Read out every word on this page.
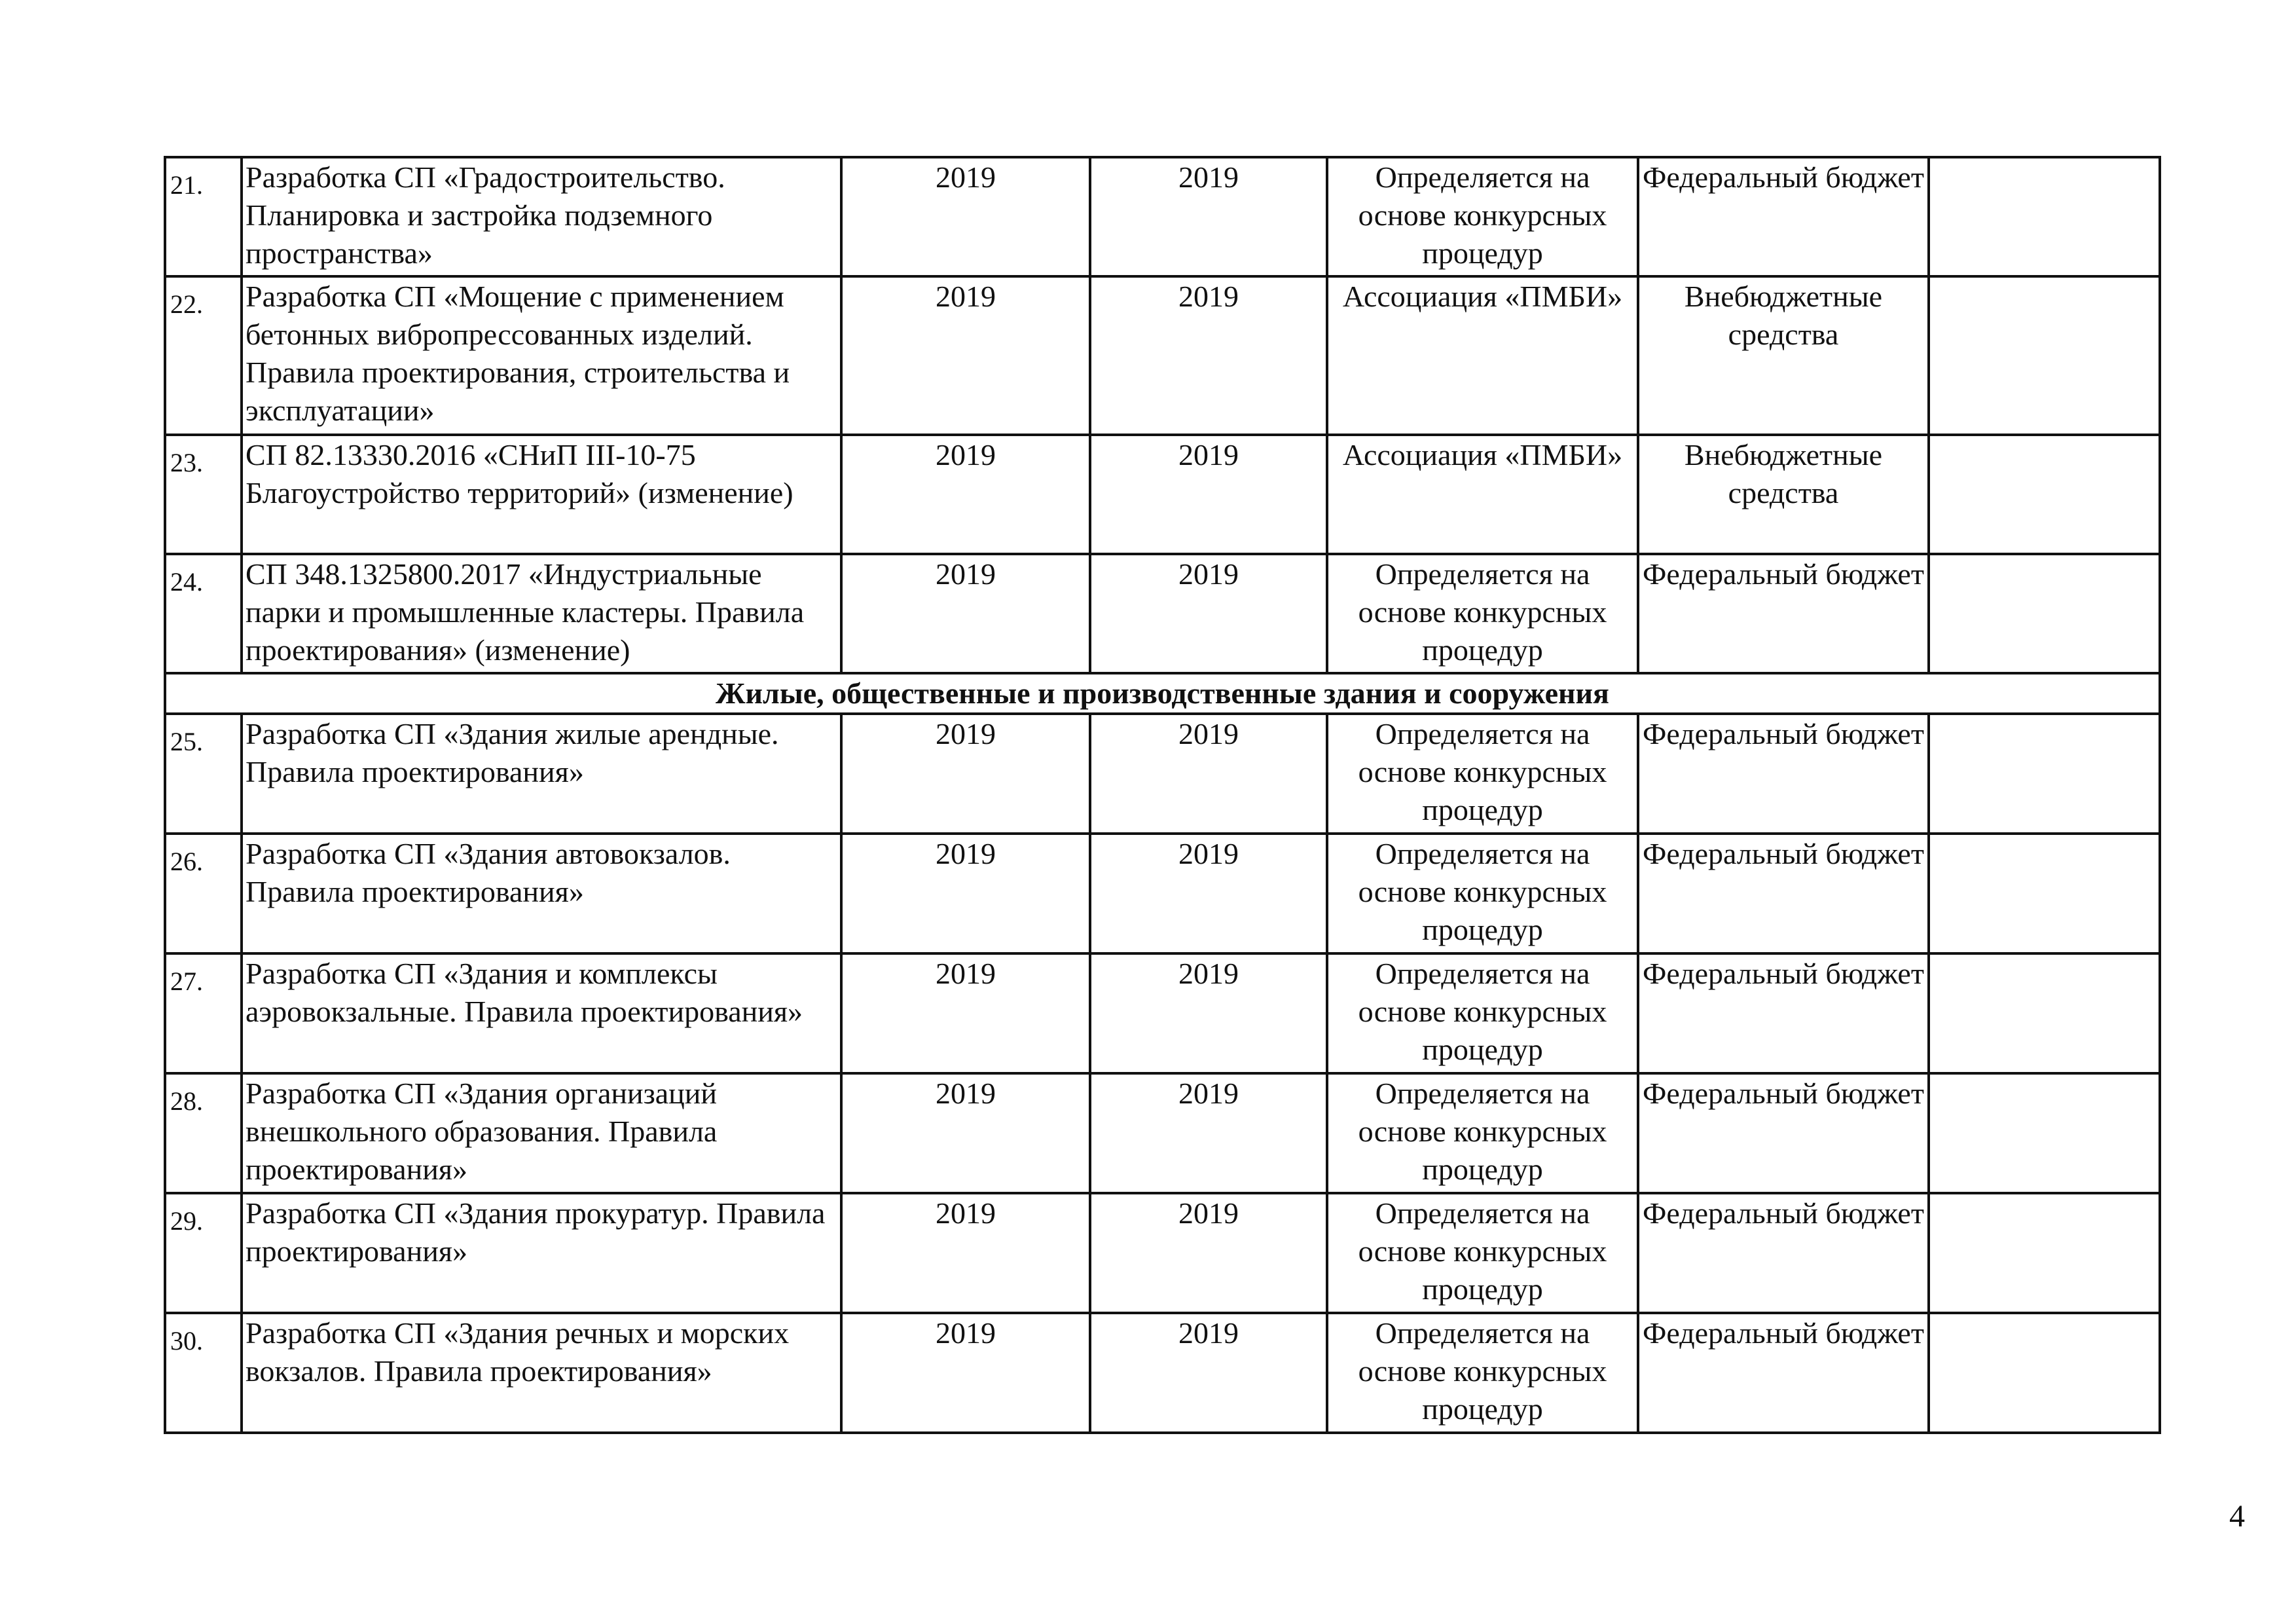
21.	Разработка СП «Градостроительство. Планировка и застройка подземного пространства»	2019	2019	Определяется на основе конкурсных процедур	Федеральный бюджет	
22.	Разработка СП «Мощение с применением бетонных вибропрессованных изделий. Правила проектирования, строительства и эксплуатации»	2019	2019	Ассоциация «ПМБИ»	Внебюджетные средства	
23.	СП 82.13330.2016 «СНиП III-10-75 Благоустройство территорий» (изменение)	2019	2019	Ассоциация «ПМБИ»	Внебюджетные средства	
24.	СП 348.1325800.2017 «Индустриальные парки и промышленные кластеры. Правила проектирования» (изменение)	2019	2019	Определяется на основе конкурсных процедур	Федеральный бюджет	
Жилые, общественные и производственные здания и сооружения						
25.	Разработка СП «Здания жилые арендные. Правила проектирования»	2019	2019	Определяется на основе конкурсных процедур	Федеральный бюджет	
26.	Разработка СП «Здания автовокзалов. Правила проектирования»	2019	2019	Определяется на основе конкурсных процедур	Федеральный бюджет	
27.	Разработка СП «Здания и комплексы аэровокзальные. Правила проектирования»	2019	2019	Определяется на основе конкурсных процедур	Федеральный бюджет	
28.	Разработка СП «Здания организаций внешкольного образования. Правила проектирования»	2019	2019	Определяется на основе конкурсных процедур	Федеральный бюджет	
29.	Разработка СП «Здания прокуратур. Правила проектирования»	2019	2019	Определяется на основе конкурсных процедур	Федеральный бюджет	
30.	Разработка СП «Здания речных и морских вокзалов. Правила проектирования»	2019	2019	Определяется на основе конкурсных процедур	Федеральный бюджет	
4
